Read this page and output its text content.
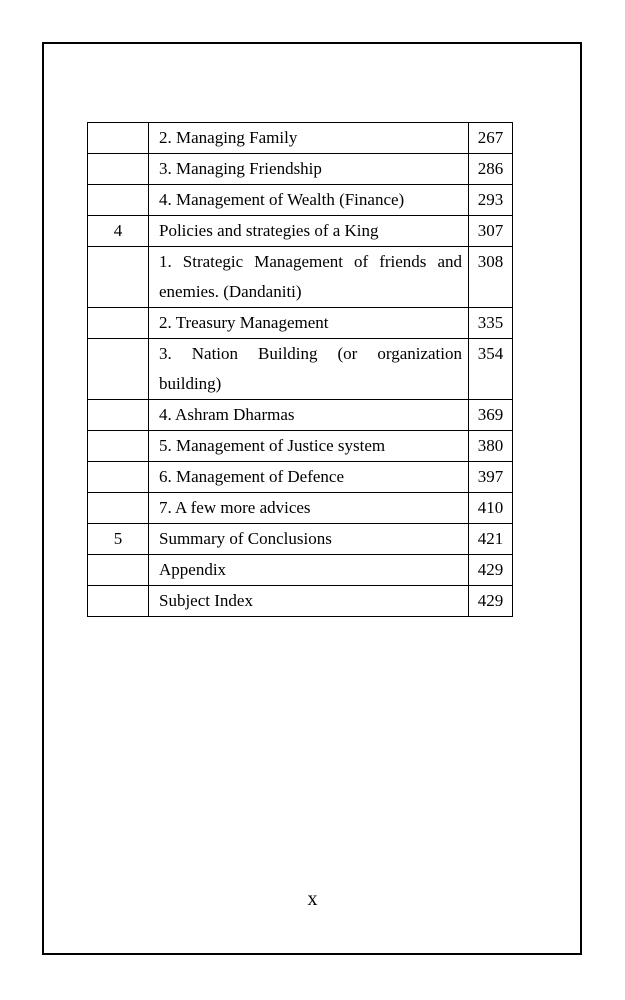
	2. Managing Family	267
	3. Managing Friendship	286
	4. Management of Wealth (Finance)	293
4	Policies and strategies of a King	307
	1. Strategic Management of friends and enemies. (Dandaniti)	308
	2. Treasury Management	335
	3. Nation Building (or organization building)	354
	4. Ashram Dharmas	369
	5. Management of Justice system	380
	6. Management of Defence	397
	7. A few more advices	410
5	Summary of Conclusions	421
	Appendix	429
	Subject Index	429
x
